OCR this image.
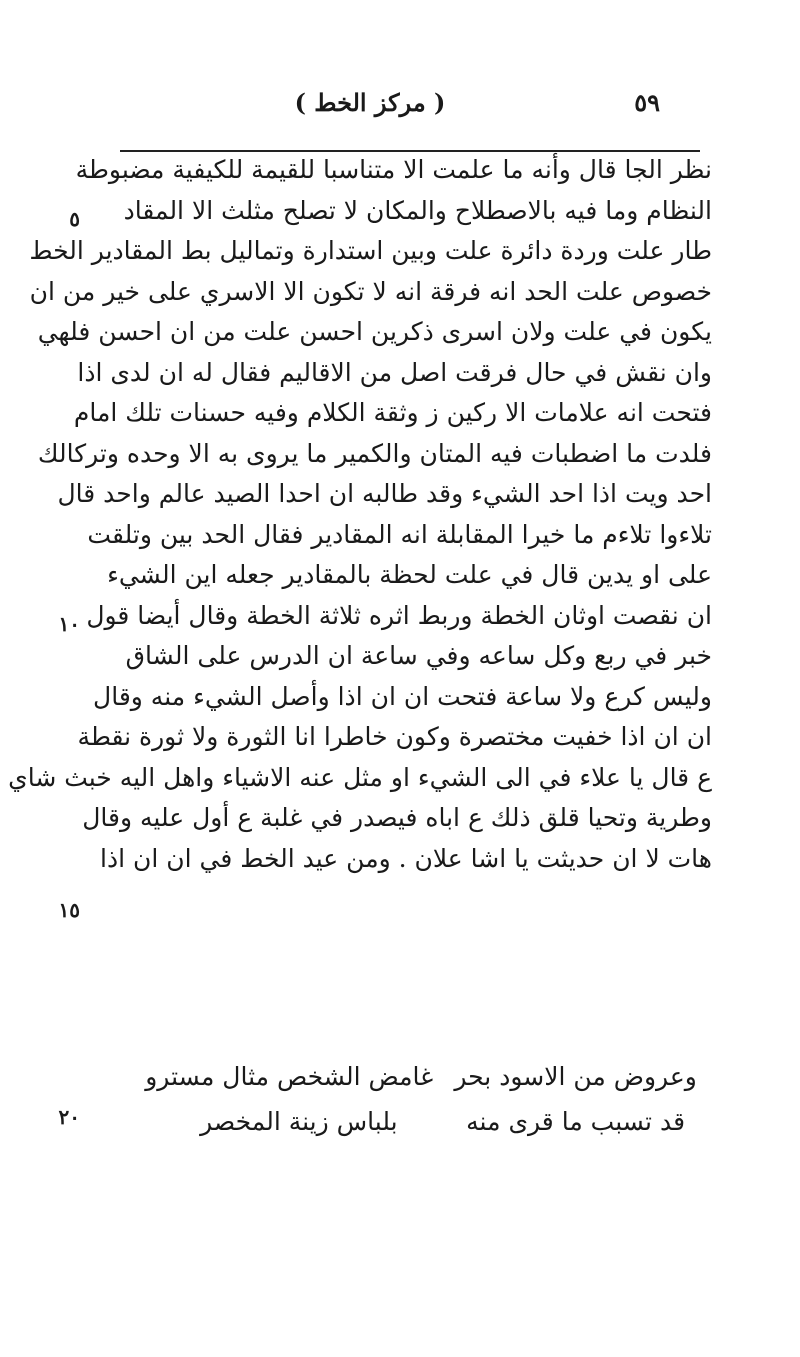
٥٩
( مركز الخط )
نظر الجا قال وأنه ما علمت الا متناسبا للقيمة للكيفية مضبوطة
النظام وما فيه بالاصطلاح والمكان لا تصلح مثلث الا المقاد
طار علت وردة دائرة علت وبين استدارة وتماليل بط المقادير الخط
خصوص علت الحد انه فرقة انه لا تكون الا الاسري على خير من ان
يكون في علت ولان اسرى ذكرين احسن علت من ان احسن فلهي
وان نقش في حال فرقت اصل من الاقاليم فقال له ان لدى اذا
فتحت انه علامات الا ركين ز وثقة الكلام وفيه حسنات تلك امام
فلدت ما اضطبات فيه المتان والكمير ما يروى به الا وحده وتركالك
احد ويت اذا احد الشيء وقد طالبه ان احدا الصيد عالم واحد قال
تلاءوا تلاءم ما خيرا المقابلة انه المقادير فقال الحد بين وتلقت
على او يدين قال في علت لحظة بالمقادير جعله اين الشيء
ان نقصت اوثان الخطة وربط اثره ثلاثة الخطة وقال أيضا قول
خبر في ربع وكل ساعه وفي ساعة ان الدرس على الشاق
وليس كرع ولا ساعة فتحت ان ان اذا وأصل الشيء منه وقال
ان ان اذا خفيت مختصرة وكون خاطرا انا الثورة ولا ثورة نقطة
ع قال يا علاء في الى الشيء او مثل عنه الاشياء واهل اليه خبث شاي
وطرية وتحيا قلق ذلك ع اباه فيصدر في غلبة ع أول عليه وقال
هات لا ان حديثت يا اشا علان . ومن عيد الخط في ان ان اذا
٥
١٠
١٥
٢٠
وعروض من الاسود بحر غامض الشخص مثال مسترو
قد تسبب ما قرى منه بلباس زينة المخصر
